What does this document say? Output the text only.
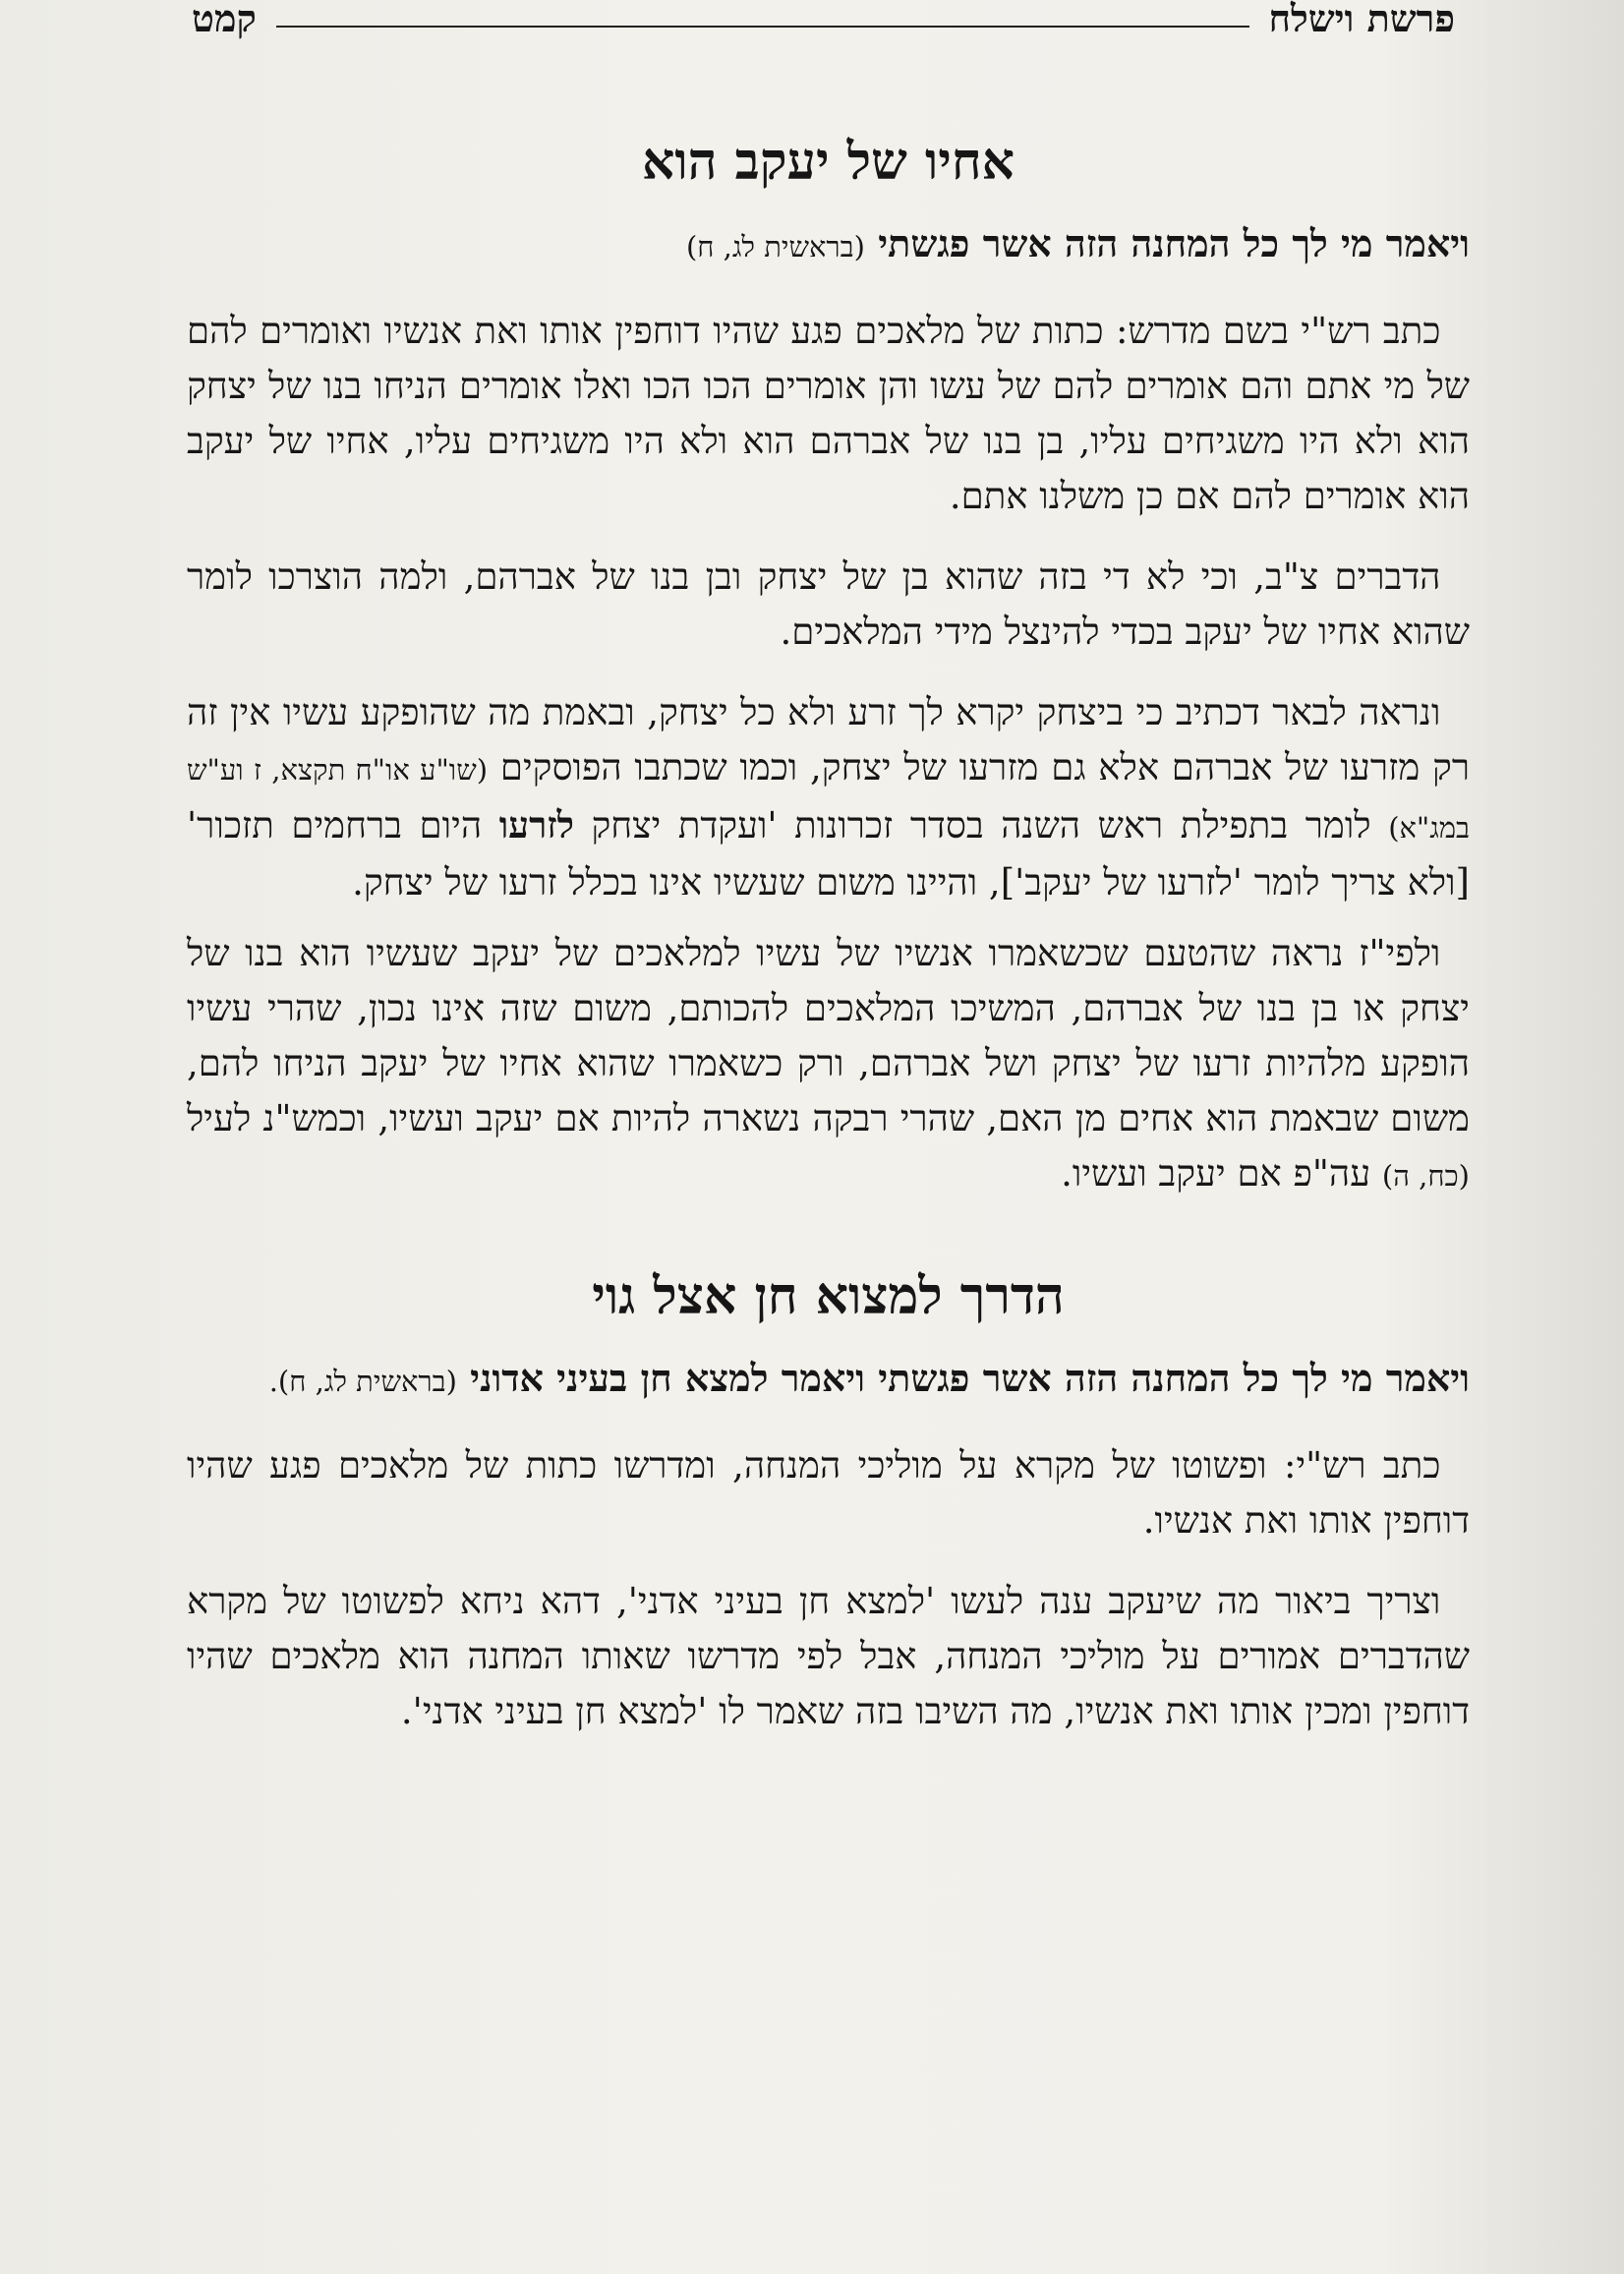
פרשת וישלח
קמט
אחיו של יעקב הוא

ויאמר מי לך כל המחנה הזה אשר פגשתי (בראשית לג, ח)

כתב רש"י בשם מדרש: כתות של מלאכים פגע שהיו דוחפין אותו ואת אנשיו ואומרים להם של מי אתם והם אומרים להם של עשו והן אומרים הכו הכו ואלו אומרים הניחו בנו של יצחק הוא ולא היו משגיחים עליו, בן בנו של אברהם הוא ולא היו משגיחים עליו, אחיו של יעקב הוא אומרים להם אם כן משלנו אתם.

הדברים צ"ב, וכי לא די בזה שהוא בן של יצחק ובן בנו של אברהם, ולמה הוצרכו לומר שהוא אחיו של יעקב בכדי להינצל מידי המלאכים.

ונראה לבאר דכתיב כי ביצחק יקרא לך זרע ולא כל יצחק, ובאמת מה שהופקע עשיו אין זה רק מזרעו של אברהם אלא גם מזרעו של יצחק, וכמו שכתבו הפוסקים (שו"ע או"ח תקצא, ז וע"ש במג"א) לומר בתפילת ראש השנה בסדר זכרונות 'ועקדת יצחק לזרעו היום ברחמים תזכור' [ולא צריך לומר 'לזרעו של יעקב'], והיינו משום שעשיו אינו בכלל זרעו של יצחק.

ולפי"ז נראה שהטעם שכשאמרו אנשיו של עשיו למלאכים של יעקב שעשיו הוא בנו של יצחק או בן בנו של אברהם, המשיכו המלאכים להכותם, משום שזה אינו נכון, שהרי עשיו הופקע מלהיות זרעו של יצחק ושל אברהם, ורק כשאמרו שהוא אחיו של יעקב הניחו להם, משום שבאמת הוא אחים מן האם, שהרי רבקה נשארה להיות אם יעקב ועשיו, וכמש"נ לעיל (כח, ה) עה"פ אם יעקב ועשיו.

הדרך למצוא חן אצל גוי

ויאמר מי לך כל המחנה הזה אשר פגשתי ויאמר למצא חן בעיני אדוני (בראשית לג, ח).

כתב רש"י: ופשוטו של מקרא על מוליכי המנחה, ומדרשו כתות של מלאכים פגע שהיו דוחפין אותו ואת אנשיו.

וצריך ביאור מה שיעקב ענה לעשו 'למצא חן בעיני אדני', דהא ניחא לפשוטו של מקרא שהדברים אמורים על מוליכי המנחה, אבל לפי מדרשו שאותו המחנה הוא מלאכים שהיו דוחפין ומכין אותו ואת אנשיו, מה השיבו בזה שאמר לו 'למצא חן בעיני אדני'.
